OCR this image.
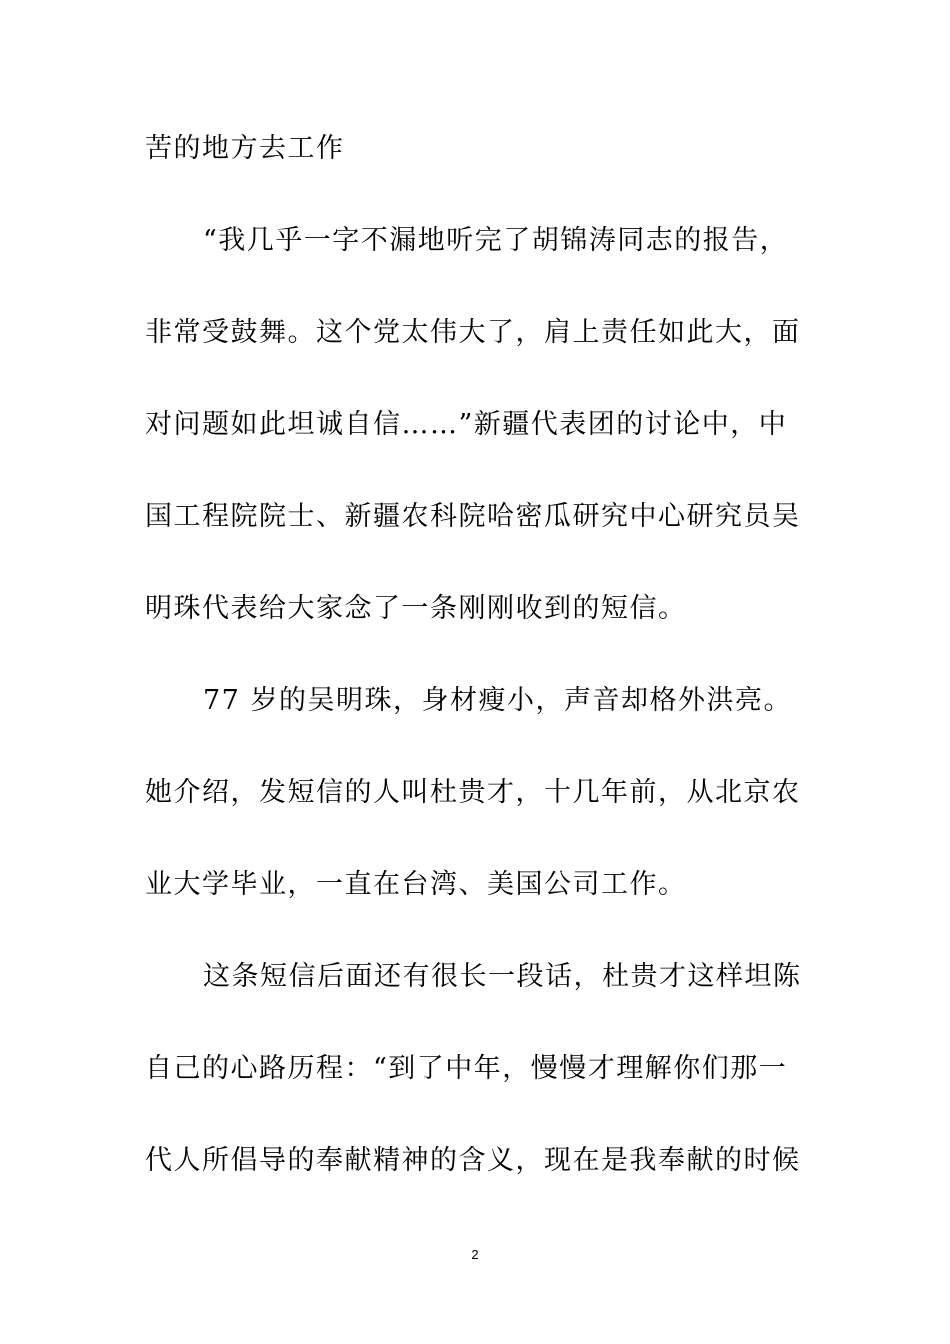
苦的地方去工作
“我几乎一字不漏地听完了胡锦涛同志的报告，
非常受鼓舞。这个党太伟大了，肩上责任如此大，面
对问题如此坦诚自信……”新疆代表团的讨论中，中
国工程院院士、新疆农科院哈密瓜研究中心研究员吴
明珠代表给大家念了一条刚刚收到的短信。
77 岁的吴明珠，身材瘦小，声音却格外洪亮。
她介绍，发短信的人叫杜贵才，十几年前，从北京农
业大学毕业，一直在台湾、美国公司工作。
这条短信后面还有很长一段话，杜贵才这样坦陈
自己的心路历程：“到了中年，慢慢才理解你们那一
代人所倡导的奉献精神的含义，现在是我奉献的时候
2
